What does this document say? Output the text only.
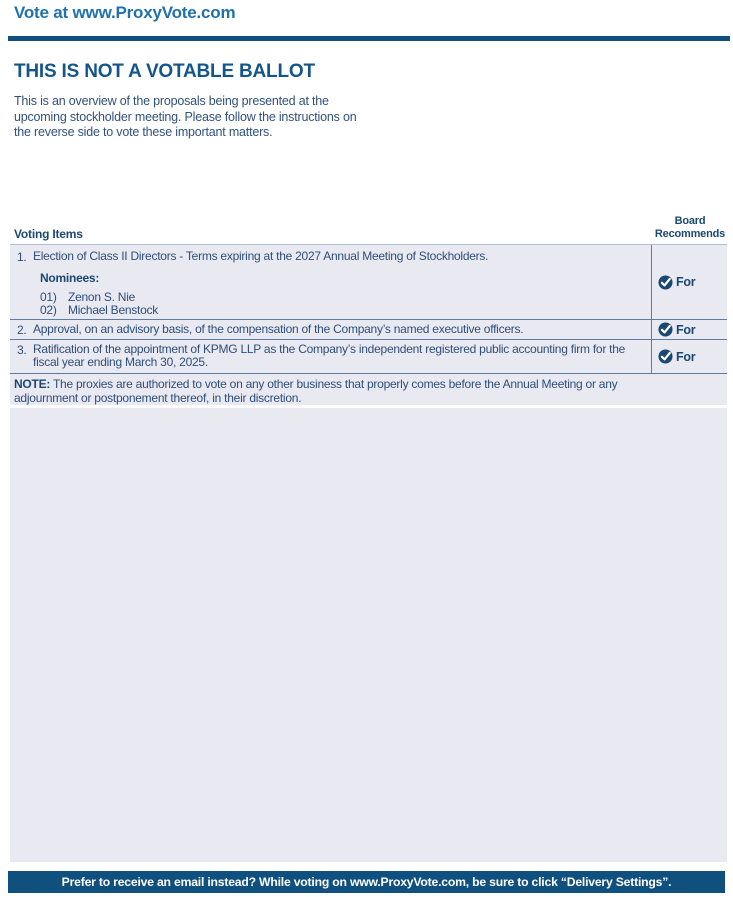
Vote at www.ProxyVote.com
THIS IS NOT A VOTABLE BALLOT
This is an overview of the proposals being presented at the upcoming stockholder meeting. Please follow the instructions on the reverse side to vote these important matters.
Voting Items
Board Recommends
1. Election of Class II Directors - Terms expiring at the 2027 Annual Meeting of Stockholders.
Nominees:
01) Zenon S. Nie
02) Michael Benstock
For
2. Approval, on an advisory basis, of the compensation of the Company’s named executive officers.	For
3. Ratification of the appointment of KPMG LLP as the Company’s independent registered public accounting firm for the fiscal year ending March 30, 2025.	For
NOTE: The proxies are authorized to vote on any other business that properly comes before the Annual Meeting or any adjournment or postponement thereof, in their discretion.
Prefer to receive an email instead? While voting on www.ProxyVote.com, be sure to click “Delivery Settings”.
